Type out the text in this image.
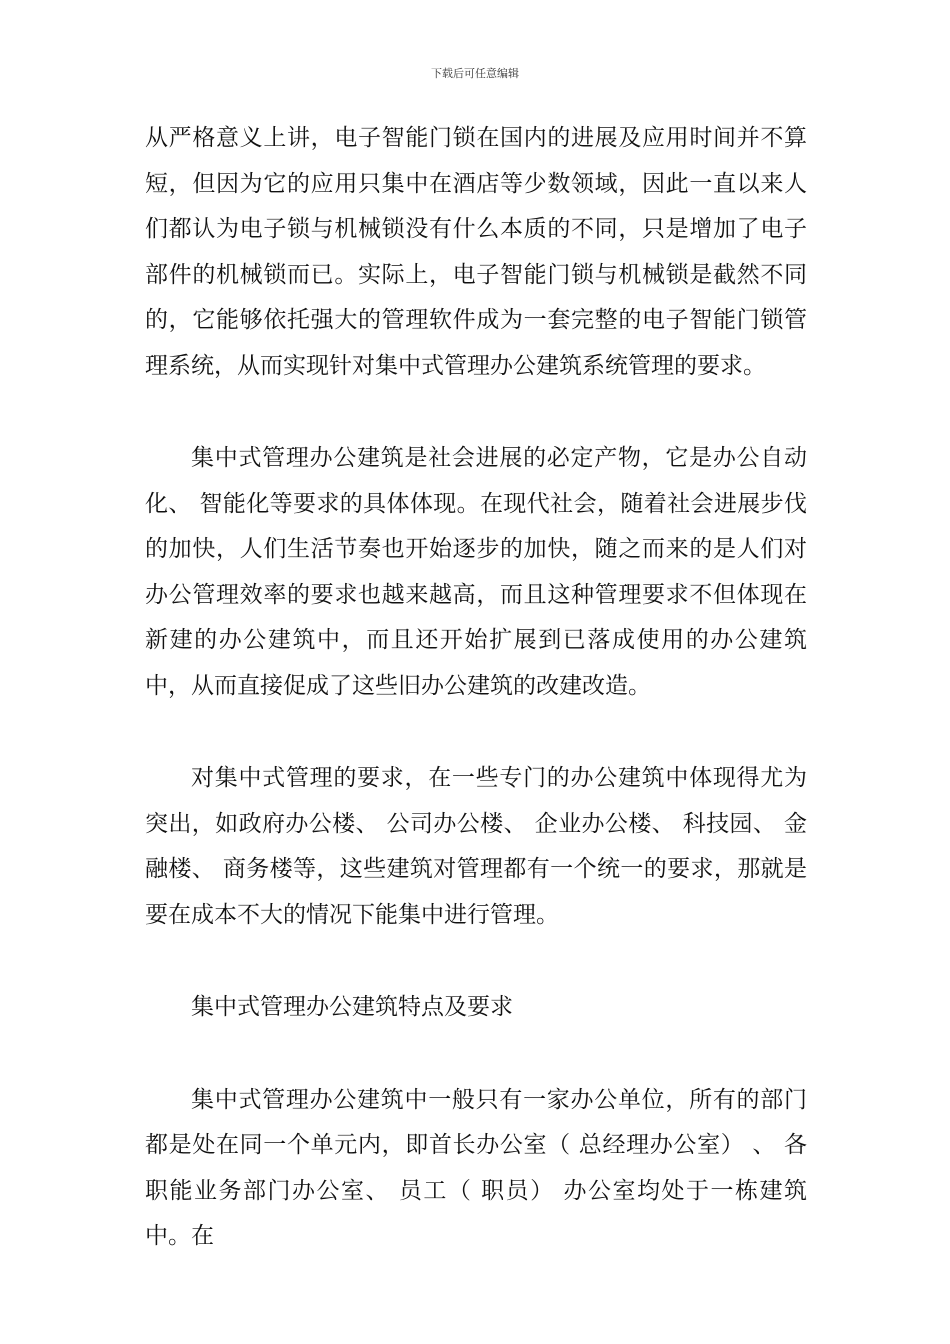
下载后可任意编辑

从严格意义上讲，电子智能门锁在国内的进展及应用时间并不算短，但因为它的应用只集中在酒店等少数领域，因此一直以来人们都认为电子锁与机械锁没有什么本质的不同，只是增加了电子部件的机械锁而已。实际上，电子智能门锁与机械锁是截然不同的，它能够依托强大的管理软件成为一套完整的电子智能门锁管理系统，从而实现针对集中式管理办公建筑系统管理的要求。

集中式管理办公建筑是社会进展的必定产物，它是办公自动化、 智能化等要求的具体体现。在现代社会，随着社会进展步伐的加快，人们生活节奏也开始逐步的加快，随之而来的是人们对办公管理效率的要求也越来越高，而且这种管理要求不但体现在新建的办公建筑中，而且还开始扩展到已落成使用的办公建筑中，从而直接促成了这些旧办公建筑的改建改造。

对集中式管理的要求，在一些专门的办公建筑中体现得尤为突出，如政府办公楼、 公司办公楼、 企业办公楼、 科技园、 金融楼、 商务楼等，这些建筑对管理都有一个统一的要求，那就是要在成本不大的情况下能集中进行管理。

集中式管理办公建筑特点及要求

集中式管理办公建筑中一般只有一家办公单位，所有的部门都是处在同一个单元内，即首长办公室（ 总经理办公室） 、 各职能业务部门办公室、 员工（ 职员） 办公室均处于一栋建筑中。在
